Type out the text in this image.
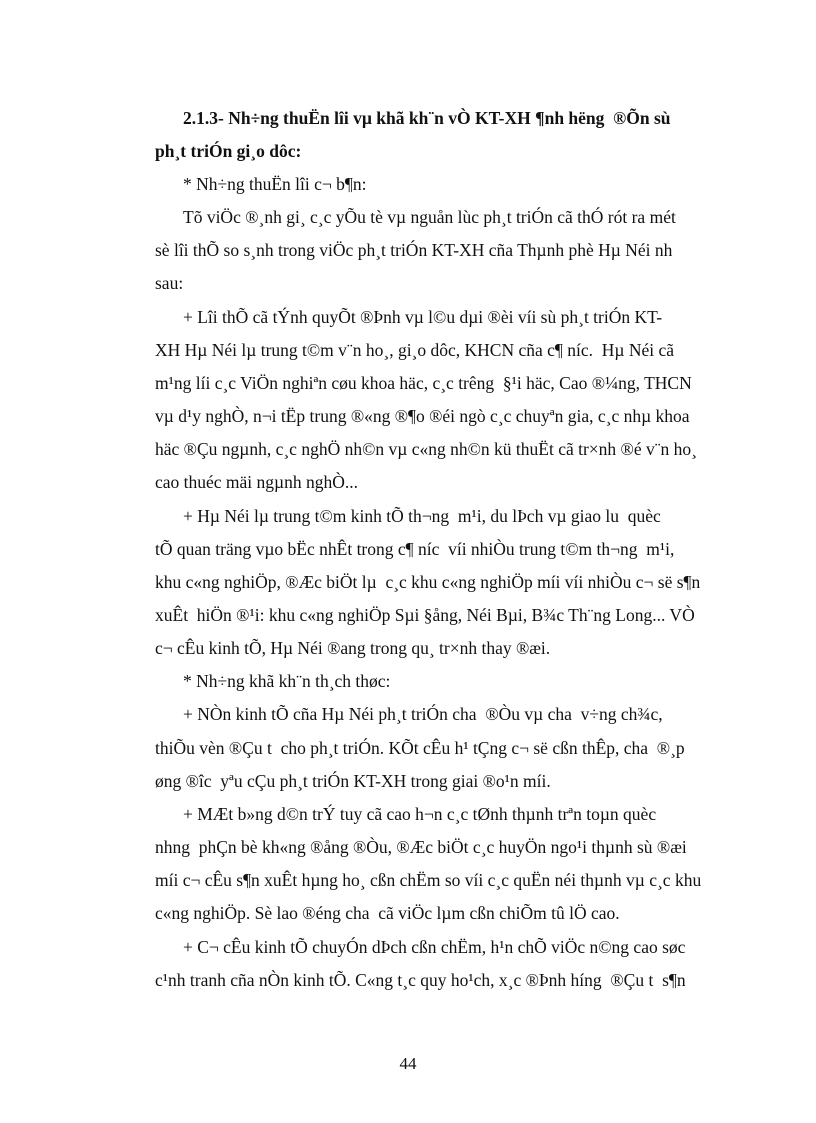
2.1.3- Nh÷ng thuËn lîi vµ khã kh¨n vÒ KT-XH ¶nh hëng  ®Õn sù
ph¸t triÓn gi¸o dôc:
* Nh÷ng thuËn lîi c¬ b¶n:
Tõ viÖc ®¸nh gi¸ c¸c yÕu tè vµ nguån lùc ph¸t triÓn cã thÓ rót ra mét
sè lîi thÕ so s¸nh trong viÖc ph¸t triÓn KT-XH cña Thµnh phè Hµ Néi nh
sau:
+ Lîi thÕ cã tÝnh quyÕt ®Þnh vµ l©u dµi ®èi víi sù ph¸t triÓn KT-
XH Hµ Néi lµ trung t©m v¨n ho¸, gi¸o dôc, KHCN cña c¶ níc.  Hµ Néi cã
m¹ng líi c¸c ViÖn nghiªn cøu khoa häc, c¸c trêng  §¹i häc, Cao ®¼ng, THCN
vµ d¹y nghÒ, n¬i tËp trung ®«ng ®¶o ®éi ngò c¸c chuyªn gia, c¸c nhµ khoa
häc ®Çu ngµnh, c¸c nghÖ nh©n vµ c«ng nh©n kü thuËt cã tr×nh ®é v¨n ho¸
cao thuéc mäi ngµnh nghÒ...
+ Hµ Néi lµ trung t©m kinh tÕ th¬ng  m¹i, du lÞch vµ giao lu  quèc
tÕ quan träng vµo bËc nhÊt trong c¶ níc  víi nhiÒu trung t©m th¬ng  m¹i,
khu c«ng nghiÖp, ®Æc biÖt lµ  c¸c khu c«ng nghiÖp míi víi nhiÒu c¬ së s¶n
xuÊt  hiÖn ®¹i: khu c«ng nghiÖp Sµi §ång, Néi Bµi, B¾c Th¨ng Long... VÒ
c¬ cÊu kinh tÕ, Hµ Néi ®ang trong qu¸ tr×nh thay ®æi.
* Nh÷ng khã kh¨n th¸ch thøc:
+ NÒn kinh tÕ cña Hµ Néi ph¸t triÓn cha  ®Òu vµ cha  v÷ng ch¾c,
thiÕu vèn ®Çu t  cho ph¸t triÓn. KÕt cÊu h¹ tÇng c¬ së cßn thÊp, cha  ®¸p
øng ®îc  yªu cÇu ph¸t triÓn KT-XH trong giai ®o¹n míi.
+ MÆt b»ng d©n trÝ tuy cã cao h¬n c¸c tØnh thµnh trªn toµn quèc
nhng  phÇn bè kh«ng ®ång ®Òu, ®Æc biÖt c¸c huyÖn ngo¹i thµnh sù ®æi
míi c¬ cÊu s¶n xuÊt hµng ho¸ cßn chËm so víi c¸c quËn néi thµnh vµ c¸c khu
c«ng nghiÖp. Sè lao ®éng cha  cã viÖc lµm cßn chiÕm tû lÖ cao.
+ C¬ cÊu kinh tÕ chuyÓn dÞch cßn chËm, h¹n chÕ viÖc n©ng cao søc
c¹nh tranh cña nÒn kinh tÕ. C«ng t¸c quy ho¹ch, x¸c ®Þnh híng  ®Çu t  s¶n
44
